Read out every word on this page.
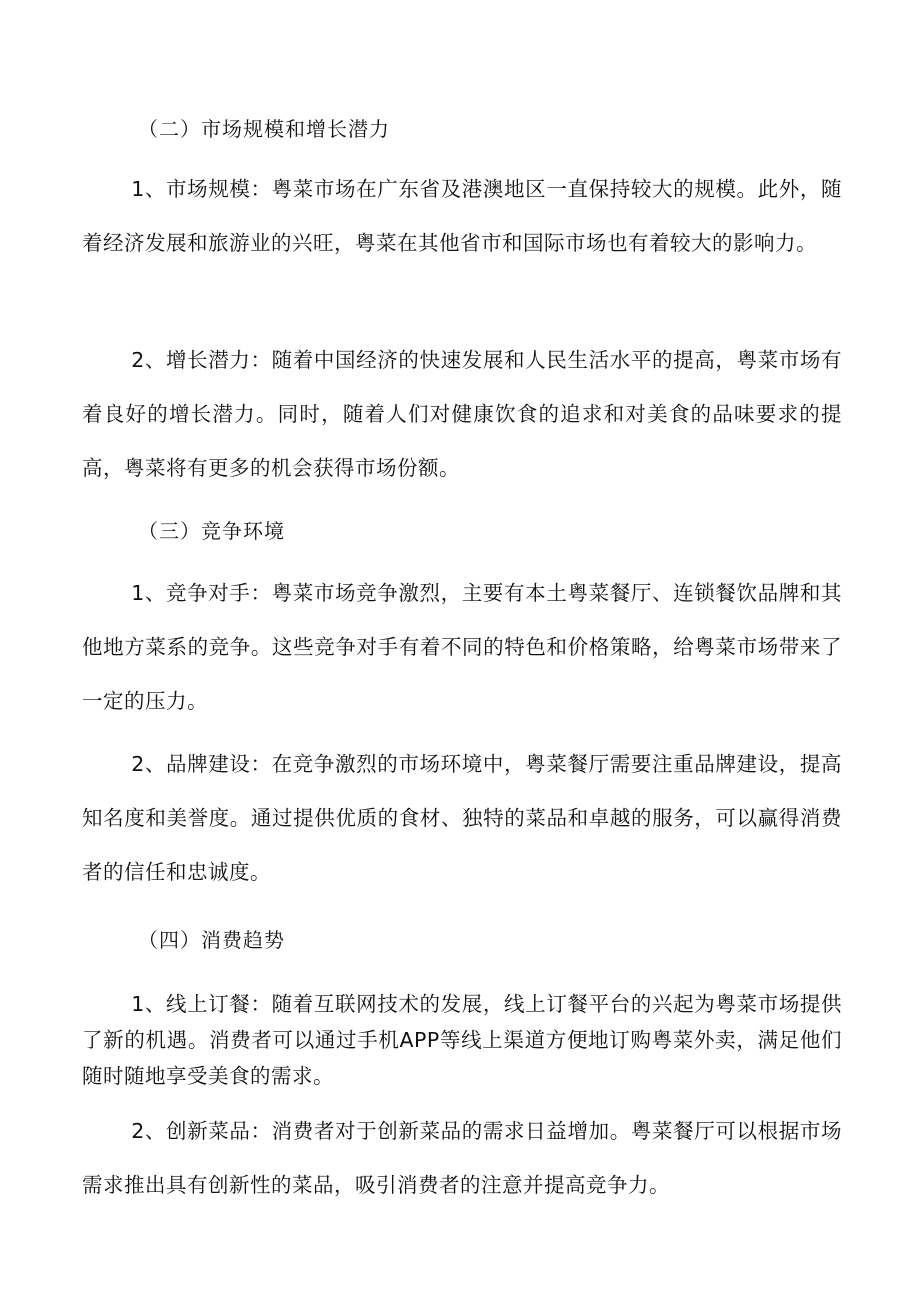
（二）市场规模和增长潜力

1、市场规模：粤菜市场在广东省及港澳地区一直保持较大的规模。此外，随着经济发展和旅游业的兴旺，粤菜在其他省市和国际市场也有着较大的影响力。

2、增长潜力：随着中国经济的快速发展和人民生活水平的提高，粤菜市场有着良好的增长潜力。同时，随着人们对健康饮食的追求和对美食的品味要求的提高，粤菜将有更多的机会获得市场份额。

（三）竞争环境

1、竞争对手：粤菜市场竞争激烈，主要有本土粤菜餐厅、连锁餐饮品牌和其他地方菜系的竞争。这些竞争对手有着不同的特色和价格策略，给粤菜市场带来了一定的压力。

2、品牌建设：在竞争激烈的市场环境中，粤菜餐厅需要注重品牌建设，提高知名度和美誉度。通过提供优质的食材、独特的菜品和卓越的服务，可以赢得消费者的信任和忠诚度。

（四）消费趋势

1、线上订餐：随着互联网技术的发展，线上订餐平台的兴起为粤菜市场提供了新的机遇。消费者可以通过手机APP等线上渠道方便地订购粤菜外卖，满足他们随时随地享受美食的需求。

2、创新菜品：消费者对于创新菜品的需求日益增加。粤菜餐厅可以根据市场需求推出具有创新性的菜品，吸引消费者的注意并提高竞争力。
